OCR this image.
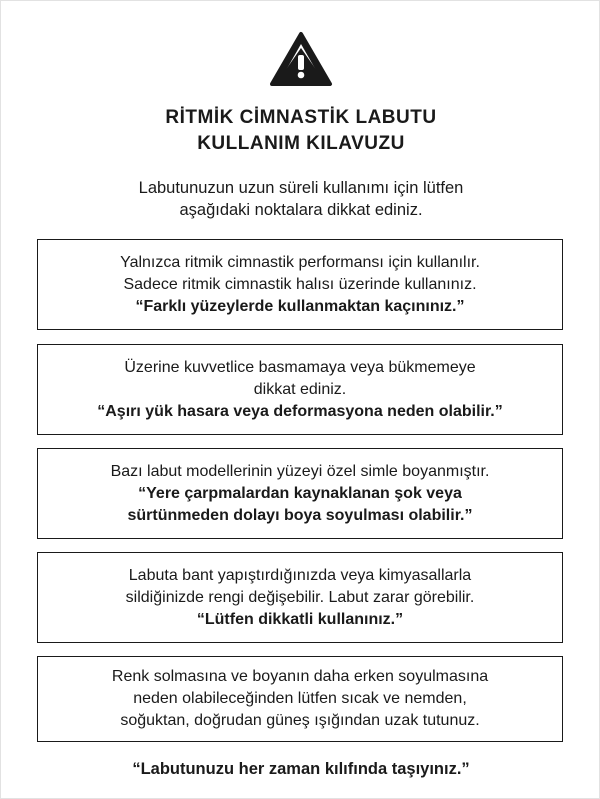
RİTMİK CİMNASTİK LABUTU
KULLANIM KILAVUZU
Labutunuzun uzun süreli kullanımı için lütfen
aşağıdaki noktalara dikkat ediniz.
Yalnızca ritmik cimnastik performansı için kullanılır.
Sadece ritmik cimnastik halısı üzerinde kullanınız.
“Farklı yüzeylerde kullanmaktan kaçınınız.”
Üzerine kuvvetlice basmamaya veya bükmemeye
dikkat ediniz.
“Aşırı yük hasara veya deformasyona neden olabilir.”
Bazı labut modellerinin yüzeyi özel simle boyanmıştır.
“Yere çarpmalardan kaynaklanan şok veya
sürtünmeden dolayı boya soyulması olabilir.”
Labuta bant yapıştırdığınızda veya kimyasallarla
sildiğinizde rengi değişebilir. Labut zarar görebilir.
“Lütfen dikkatli kullanınız.”
Renk solmasına ve boyanın daha erken soyulmasına
neden olabileceğinden lütfen sıcak ve nemden,
soğuktan, doğrudan güneş ışığından uzak tutunuz.
“Labutunuzu her zaman kılıfında taşıyınız.”
